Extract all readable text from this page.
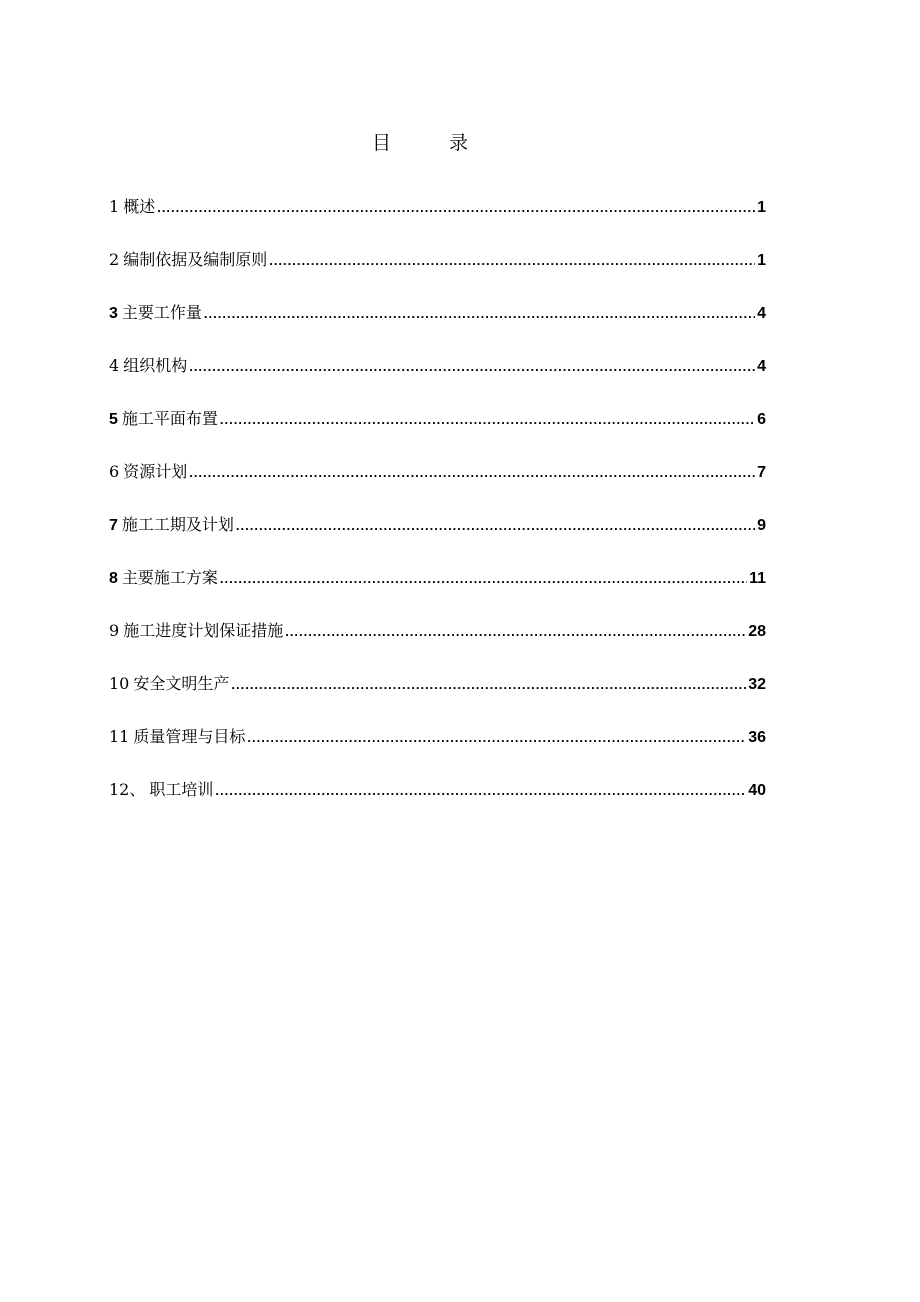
目	录
1 概述 .....	1
2 编制依据及编制原则 .....	1
3 主要工作量 .....	4
4 组织机构 .....	4
5 施工平面布置 .....	6
6 资源计划 .....	7
7 施工工期及计划 .....	9
8 主要施工方案 .....	11
9 施工进度计划保证措施 .....	28
10 安全文明生产 .....	32
11 质量管理与目标 .....	36
12、 职工培训 .....	40
